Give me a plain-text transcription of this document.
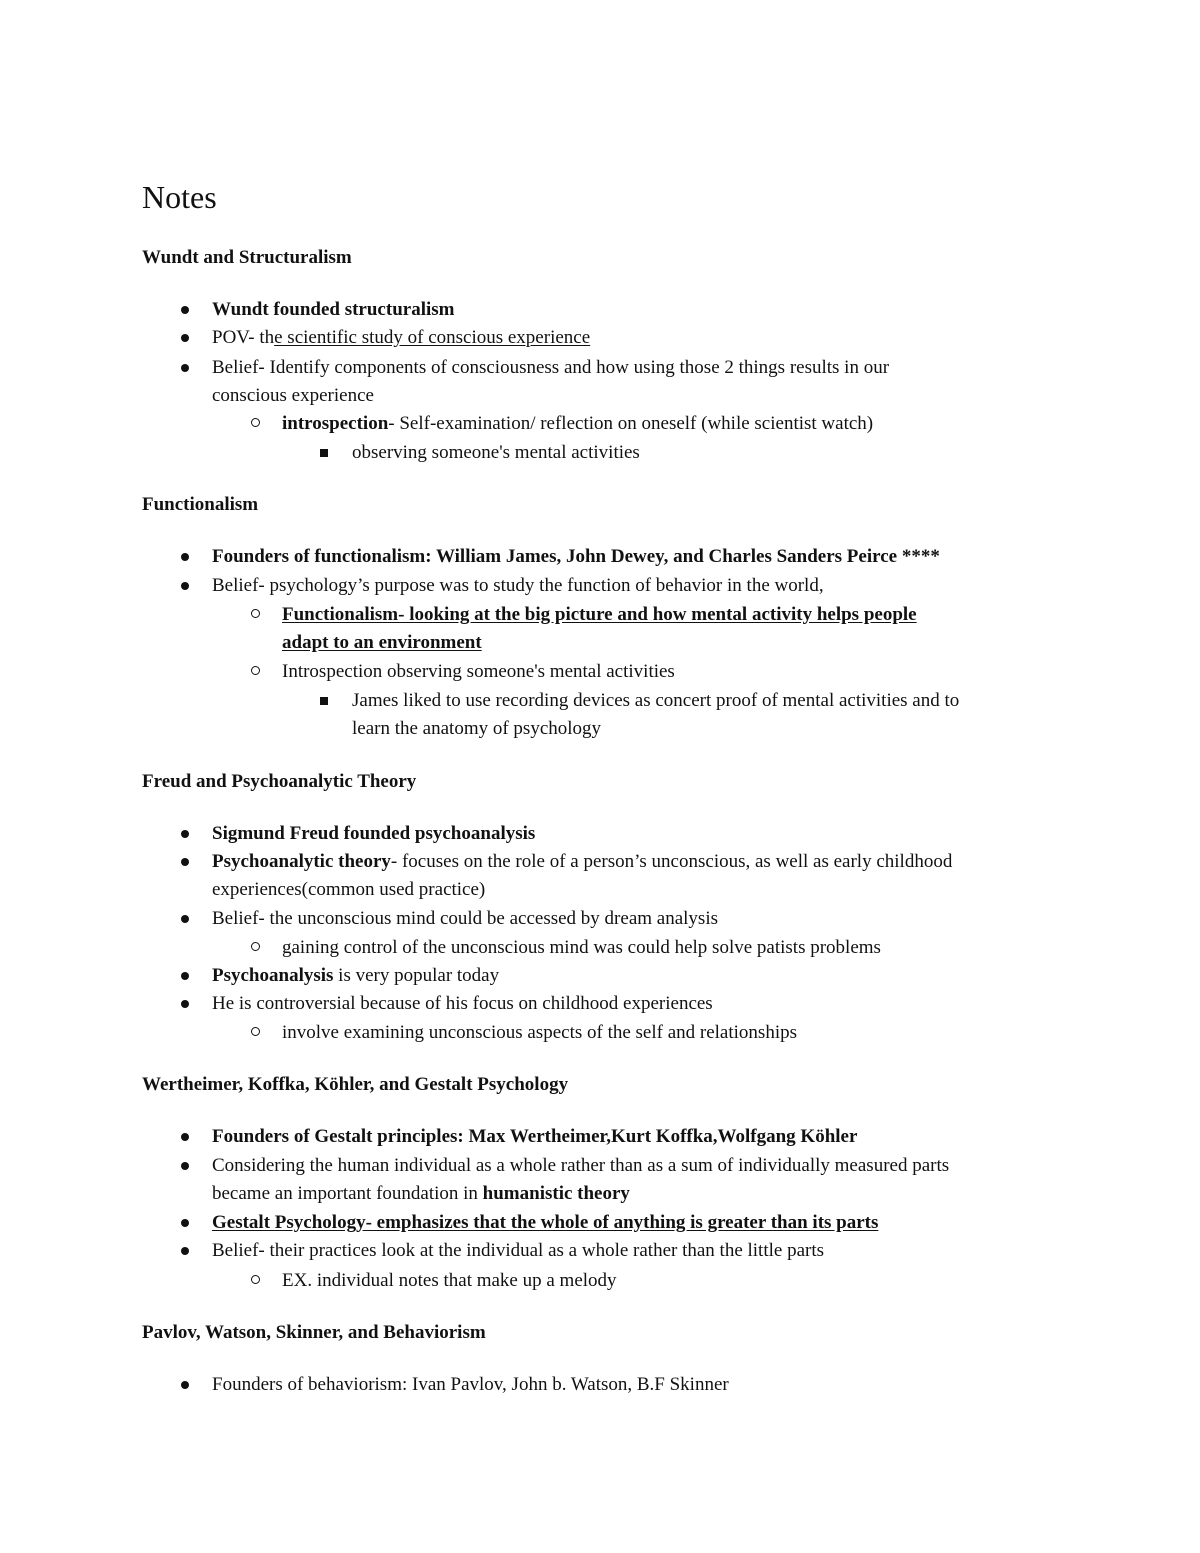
Notes
Wundt and Structuralism
Wundt founded structuralism
POV- the scientific study of conscious experience
Belief- Identify components of consciousness and how using those 2 things results in our
conscious experience
introspection- Self-examination/ reflection on oneself (while scientist watch)
observing someone's mental activities
Functionalism
Founders of functionalism: William James, John Dewey, and Charles Sanders Peirce ****
Belief- psychology’s purpose was to study the function of behavior in the world,
Functionalism- looking at the big picture and how mental activity helps people
adapt to an environment
Introspection observing someone's mental activities
James liked to use recording devices as concert proof of mental activities and to
learn the anatomy of psychology
Freud and Psychoanalytic Theory
Sigmund Freud founded psychoanalysis
Psychoanalytic theory- focuses on the role of a person’s unconscious, as well as early childhood
experiences(common used practice)
Belief- the unconscious mind could be accessed by dream analysis
gaining control of the unconscious mind was could help solve patists problems
Psychoanalysis is very popular today
He is controversial because of his focus on childhood experiences
involve examining unconscious aspects of the self and relationships
Wertheimer, Koffka, Köhler, and Gestalt Psychology
Founders of Gestalt principles: Max Wertheimer,Kurt Koffka,Wolfgang Köhler
Considering the human individual as a whole rather than as a sum of individually measured parts
became an important foundation in humanistic theory
Gestalt Psychology- emphasizes that the whole of anything is greater than its parts
Belief- their practices look at the individual as a whole rather than the little parts
EX. individual notes that make up a melody
Pavlov, Watson, Skinner, and Behaviorism
Founders of behaviorism: Ivan Pavlov, John b. Watson, B.F Skinner
